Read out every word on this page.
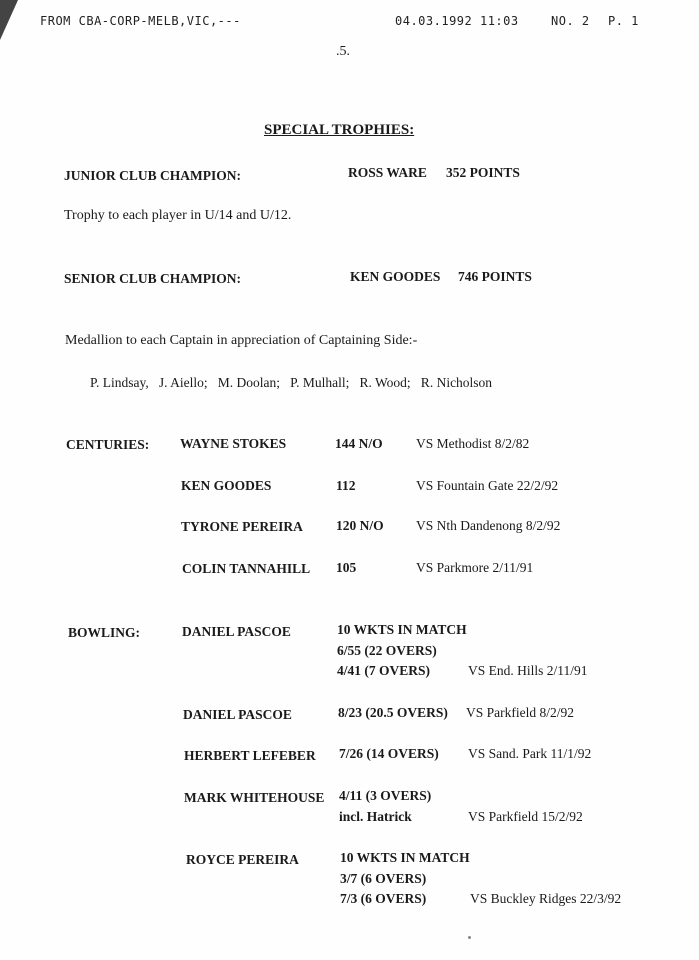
FROM CBA-CORP-MELB,VIC,---	04.03.1992 11:03	NO. 2 P. 1
.5.
SPECIAL TROPHIES:
JUNIOR CLUB CHAMPION:	ROSS WARE 352 POINTS
Trophy to each player in U/14 and U/12.
SENIOR CLUB CHAMPION:	KEN GOODES 746 POINTS
Medallion to each Captain in appreciation of Captaining Side:-
P. Lindsay,   J. Aiello;   M. Doolan;   P. Mulhall;   R. Wood;   R. Nicholson
CENTURIES: WAYNE STOKES	144 N/O VS Methodist 8/2/82
KEN GOODES	112	VS Fountain Gate 22/2/92
TYRONE PEREIRA 120 N/O VS Nth Dandenong 8/2/92
COLIN TANNAHILL 105	VS Parkmore 2/11/91
BOWLING:	DANIEL PASCOE	10 WKTS IN MATCH
6/55 (22 OVERS)
4/41 (7 OVERS)	VS End. Hills 2/11/91
DANIEL PASCOE	8/23 (20.5 OVERS) VS Parkfield 8/2/92
HERBERT LEFEBER 7/26 (14 OVERS) VS Sand. Park 11/1/92
MARK WHITEHOUSE 4/11 (3 OVERS)
incl. Hatrick	VS Parkfield 15/2/92
ROYCE PEREIRA	10 WKTS IN MATCH
3/7 (6 OVERS)
7/3 (6 OVERS)	VS Buckley Ridges 22/3/92
